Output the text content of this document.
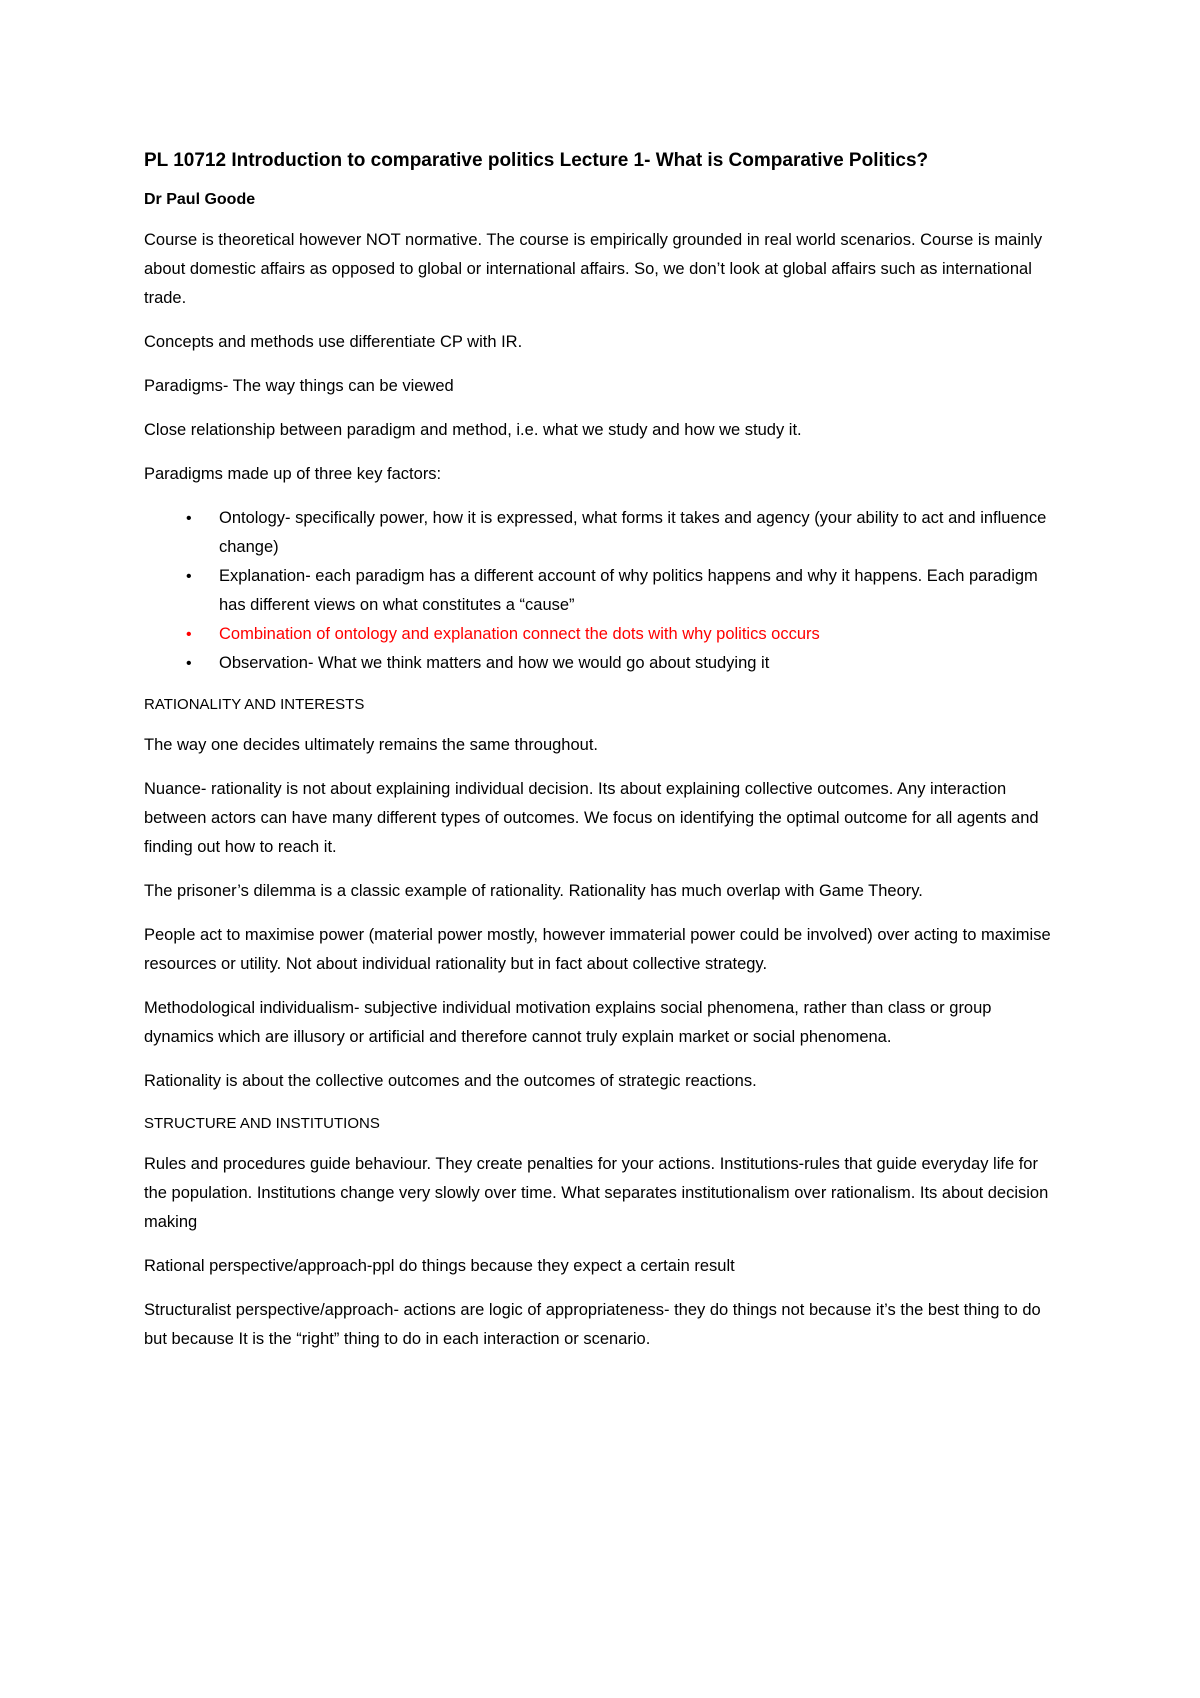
PL 10712 Introduction to comparative politics Lecture 1- What is Comparative Politics?
Dr Paul Goode

Course is theoretical however NOT normative. The course is empirically grounded in real world scenarios. Course is mainly about domestic affairs as opposed to global or international affairs. So, we don’t look at global affairs such as international trade.

Concepts and methods use differentiate CP with IR.

Paradigms- The way things can be viewed

Close relationship between paradigm and method, i.e. what we study and how we study it.

Paradigms made up of three key factors:

• Ontology- specifically power, how it is expressed, what forms it takes and agency (your ability to act and influence change)
• Explanation- each paradigm has a different account of why politics happens and why it happens. Each paradigm has different views on what constitutes a “cause”
• Combination of ontology and explanation connect the dots with why politics occurs
• Observation- What we think matters and how we would go about studying it
RATIONALITY AND INTERESTS

The way one decides ultimately remains the same throughout.

Nuance- rationality is not about explaining individual decision. Its about explaining collective outcomes. Any interaction between actors can have many different types of outcomes. We focus on identifying the optimal outcome for all agents and finding out how to reach it.

The prisoner’s dilemma is a classic example of rationality. Rationality has much overlap with Game Theory.

People act to maximise power (material power mostly, however immaterial power could be involved) over acting to maximise resources or utility. Not about individual rationality but in fact about collective strategy.

Methodological individualism- subjective individual motivation explains social phenomena, rather than class or group dynamics which are illusory or artificial and therefore cannot truly explain market or social phenomena.

Rationality is about the collective outcomes and the outcomes of strategic reactions.

STRUCTURE AND INSTITUTIONS

Rules and procedures guide behaviour. They create penalties for your actions. Institutions-rules that guide everyday life for the population. Institutions change very slowly over time. What separates institutionalism over rationalism. Its about decision making

Rational perspective/approach-ppl do things because they expect a certain result

Structuralist perspective/approach- actions are logic of appropriateness- they do things not because it’s the best thing to do but because It is the “right” thing to do in each interaction or scenario.
